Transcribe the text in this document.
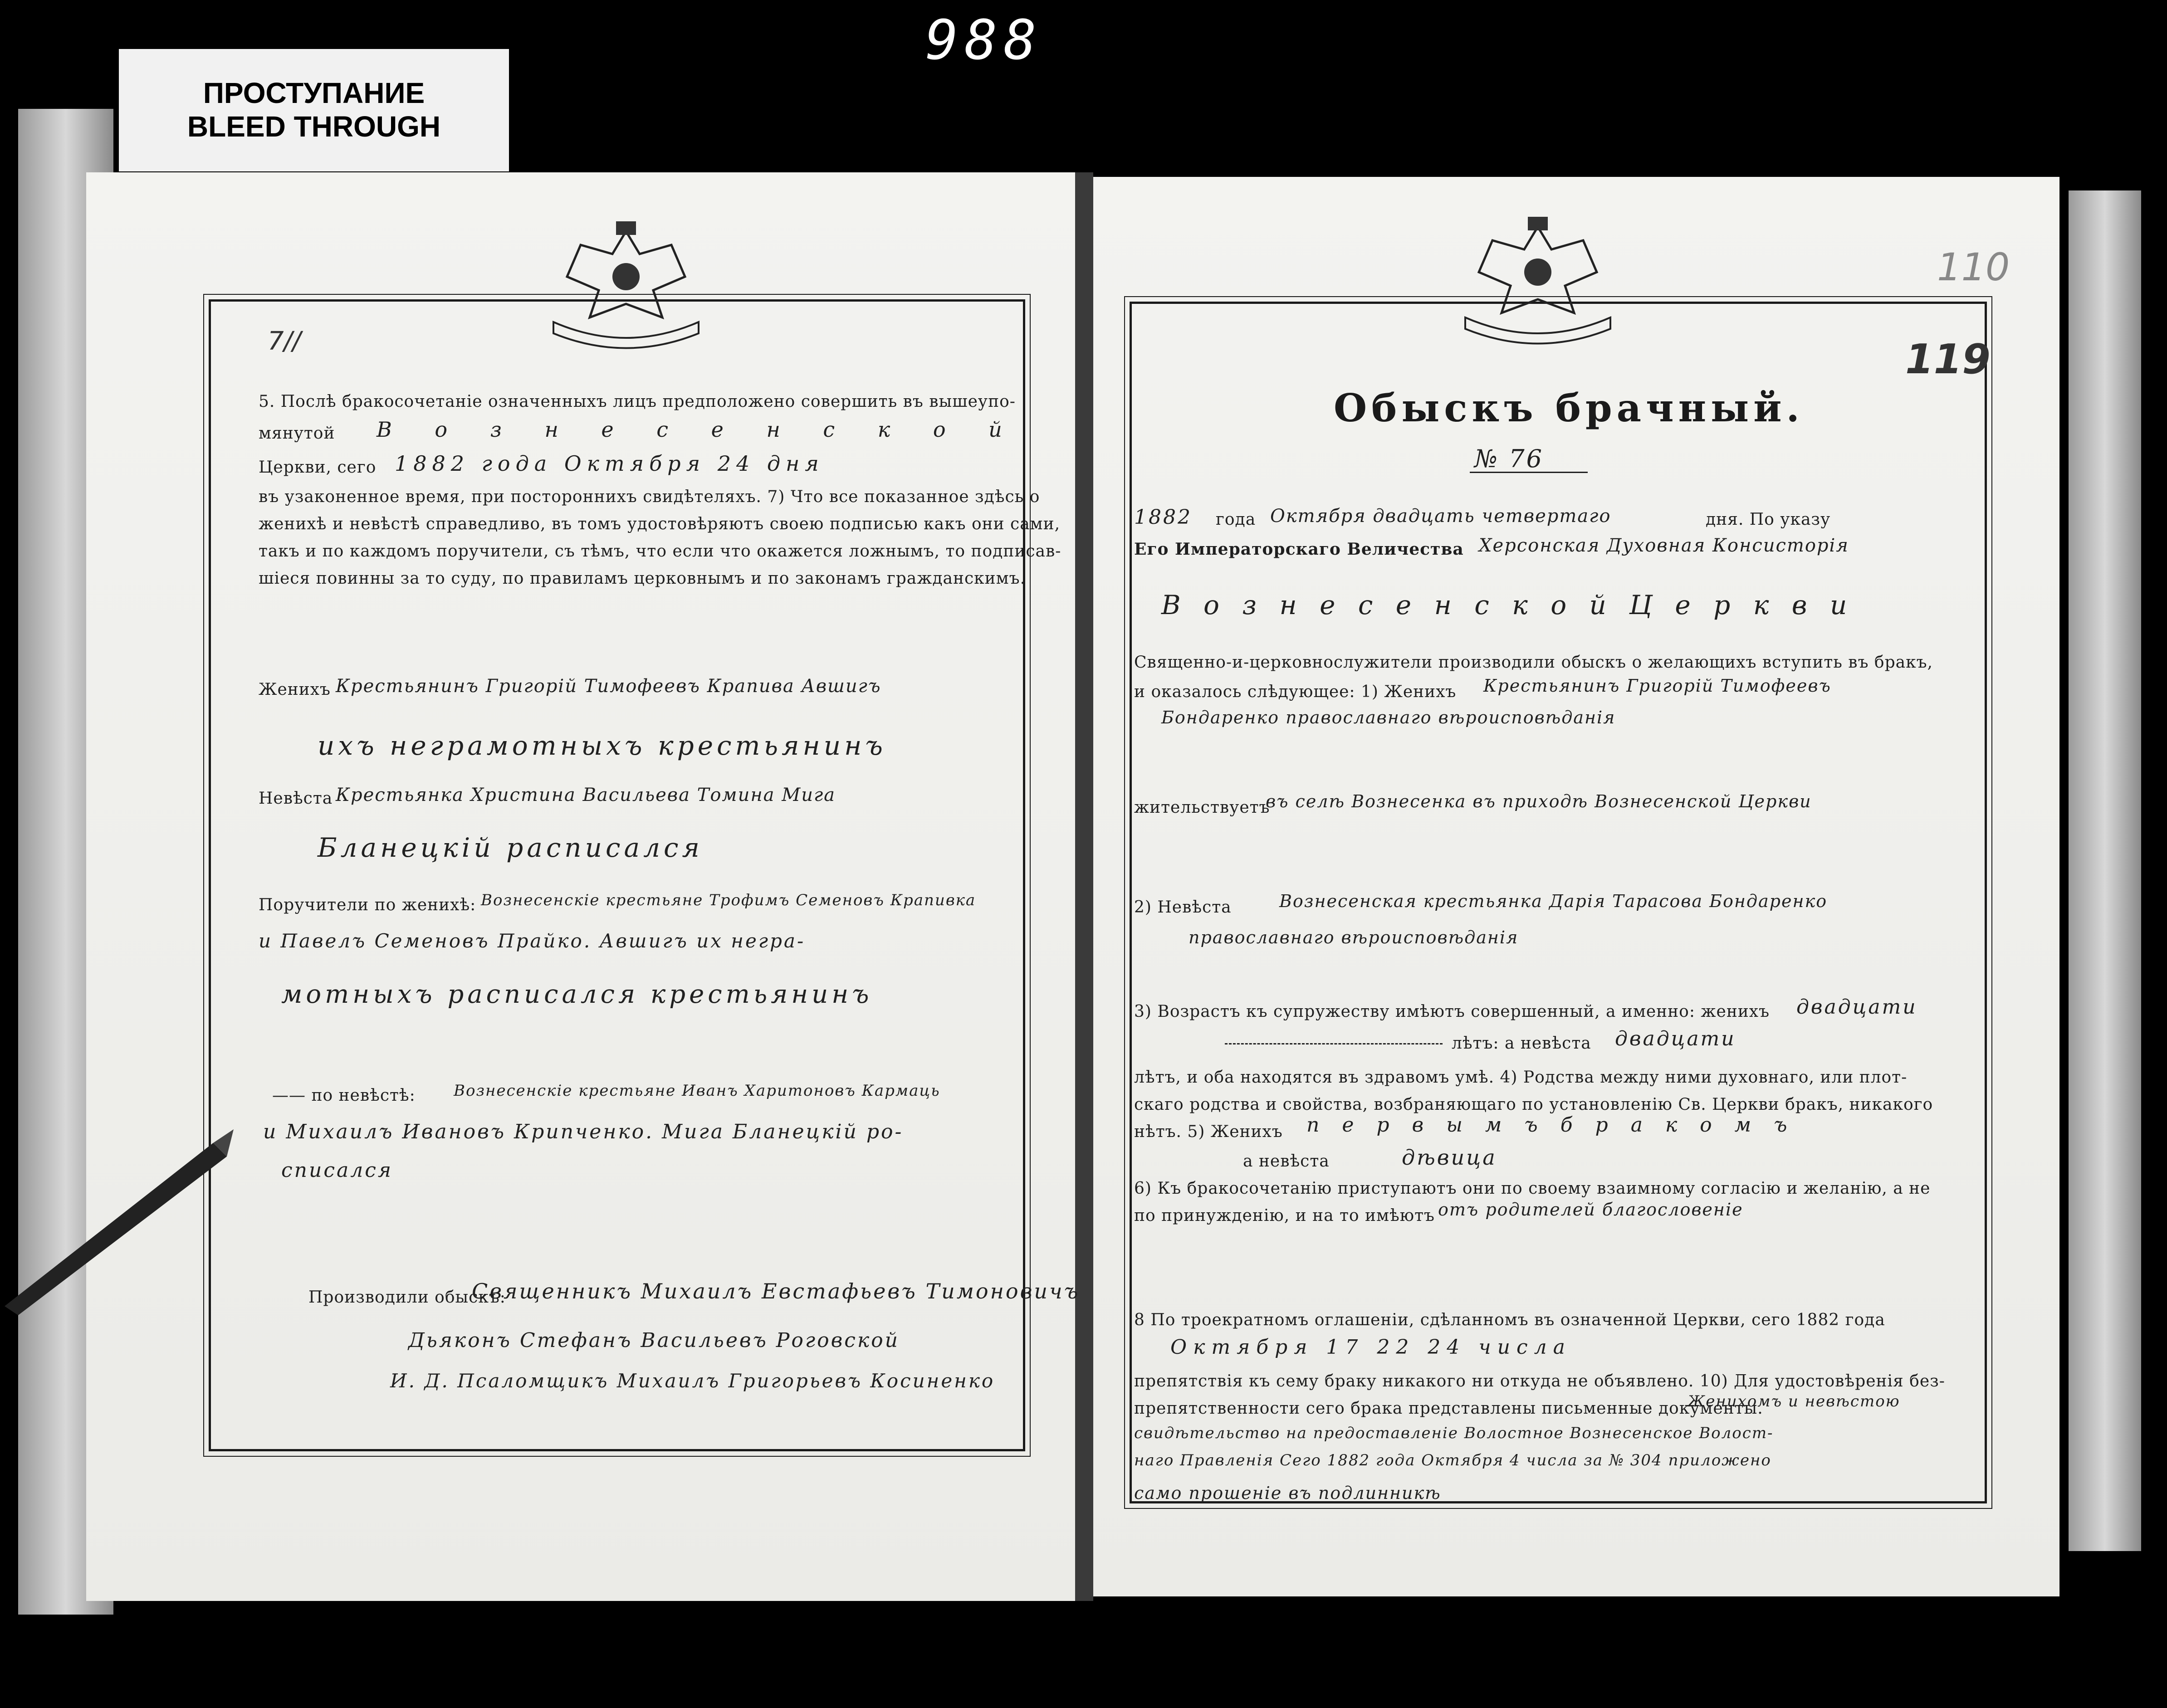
988
ПРОСТУПАНИЕ
BLEED THROUGH
7//
5. Послѣ бракосочетаніе означенныхъ лицъ предположено совершить въ вышеупо-
мянутой В о з н е с е н с к о й
Церкви, сего 1882 года Октября 24 дня
въ узаконенное время, при постороннихъ свидѣтеляхъ. 7) Что все показанное здѣсь о
женихѣ и невѣстѣ справедливо, въ томъ удостовѣряютъ своею подписью какъ они сами,
такъ и по каждомъ поручители, съ тѣмъ, что если что окажется ложнымъ, то подписав-
шіеся повинны за то суду, по правиламъ церковнымъ и по законамъ гражданскимъ.
Женихъ Крестьянинъ Григорій Тимофеевъ Крапива Авшигъ
ихъ неграмотныхъ крестьянинъ
Невѣста Крестьянка Христина Васильева Томина Мига
Бланецкій расписался
Поручители по женихѣ: Вознесенскіе крестьяне Трофимъ Семеновъ Крапивка
и Павелъ Семеновъ Прайко. Авшигъ их негра-
мотныхъ расписался крестьянинъ
—— по невѣстѣ: Вознесенскіе крестьяне Иванъ Харитоновъ Кармаць
и Михаилъ Ивановъ Крипченко. Мига Бланецкій ро-
списался
Производили обыскъ:
Священникъ Михаилъ Евстафьевъ Тимоновичъ
Дьяконъ Стефанъ Васильевъ Роговской
И. Д. Псаломщикъ Михаилъ Григорьевъ Косиненко
110
119
Обыскъ брачный.
№ 76
1882 года Октября двадцать четвертаго	дня. По указу
Его Императорскаго Величества Херсонская Духовная Консисторія
В о з н е с е н с к о й Ц е р к в и
Священно-и-церковнослужители производили обыскъ о желающихъ вступить въ бракъ,
и оказалось слѣдующее: 1) Женихъ Крестьянинъ Григорій Тимофеевъ
Бондаренко православнаго вѣроисповѣданія
жительствуетъ
въ селѣ Вознесенка въ приходѣ Вознесенской Церкви
2) Невѣста	Вознесенская крестьянка Дарія Тарасова Бондаренко
православнаго вѣроисповѣданія
3) Возрастъ къ супружеству имѣютъ совершенный, а именно: женихъ двадцати
лѣтъ: а невѣста двадцати
лѣтъ, и оба находятся въ здравомъ умѣ. 4) Родства между ними духовнаго, или плот-
скаго родства и свойства, возбраняющаго по установленію Св. Церкви бракъ, никакого
нѣтъ. 5) Женихъ п е р в ы м ъ б р а к о м ъ
а невѣста	дѣвица
6) Къ бракосочетанію приступаютъ они по своему взаимному согласію и желанію, а не
по принужденію, и на то имѣютъ отъ родителей благословеніе
8 По троекратномъ оглашеніи, сдѣланномъ въ означенной Церкви, сего 1882 года
Октября 17 22 24 числа
препятствія къ сему браку никакого ни откуда не объявлено. 10) Для удостовѣренія без-
препятственности сего брака представлены письменные документы.
Женихомъ и невѣстою
свидѣтельство на предоставленіе Волостное Вознесенское Волост-
наго Правленія Сего 1882 года Октября 4 числа за № 304 приложено
само прошеніе въ подлинникѣ
